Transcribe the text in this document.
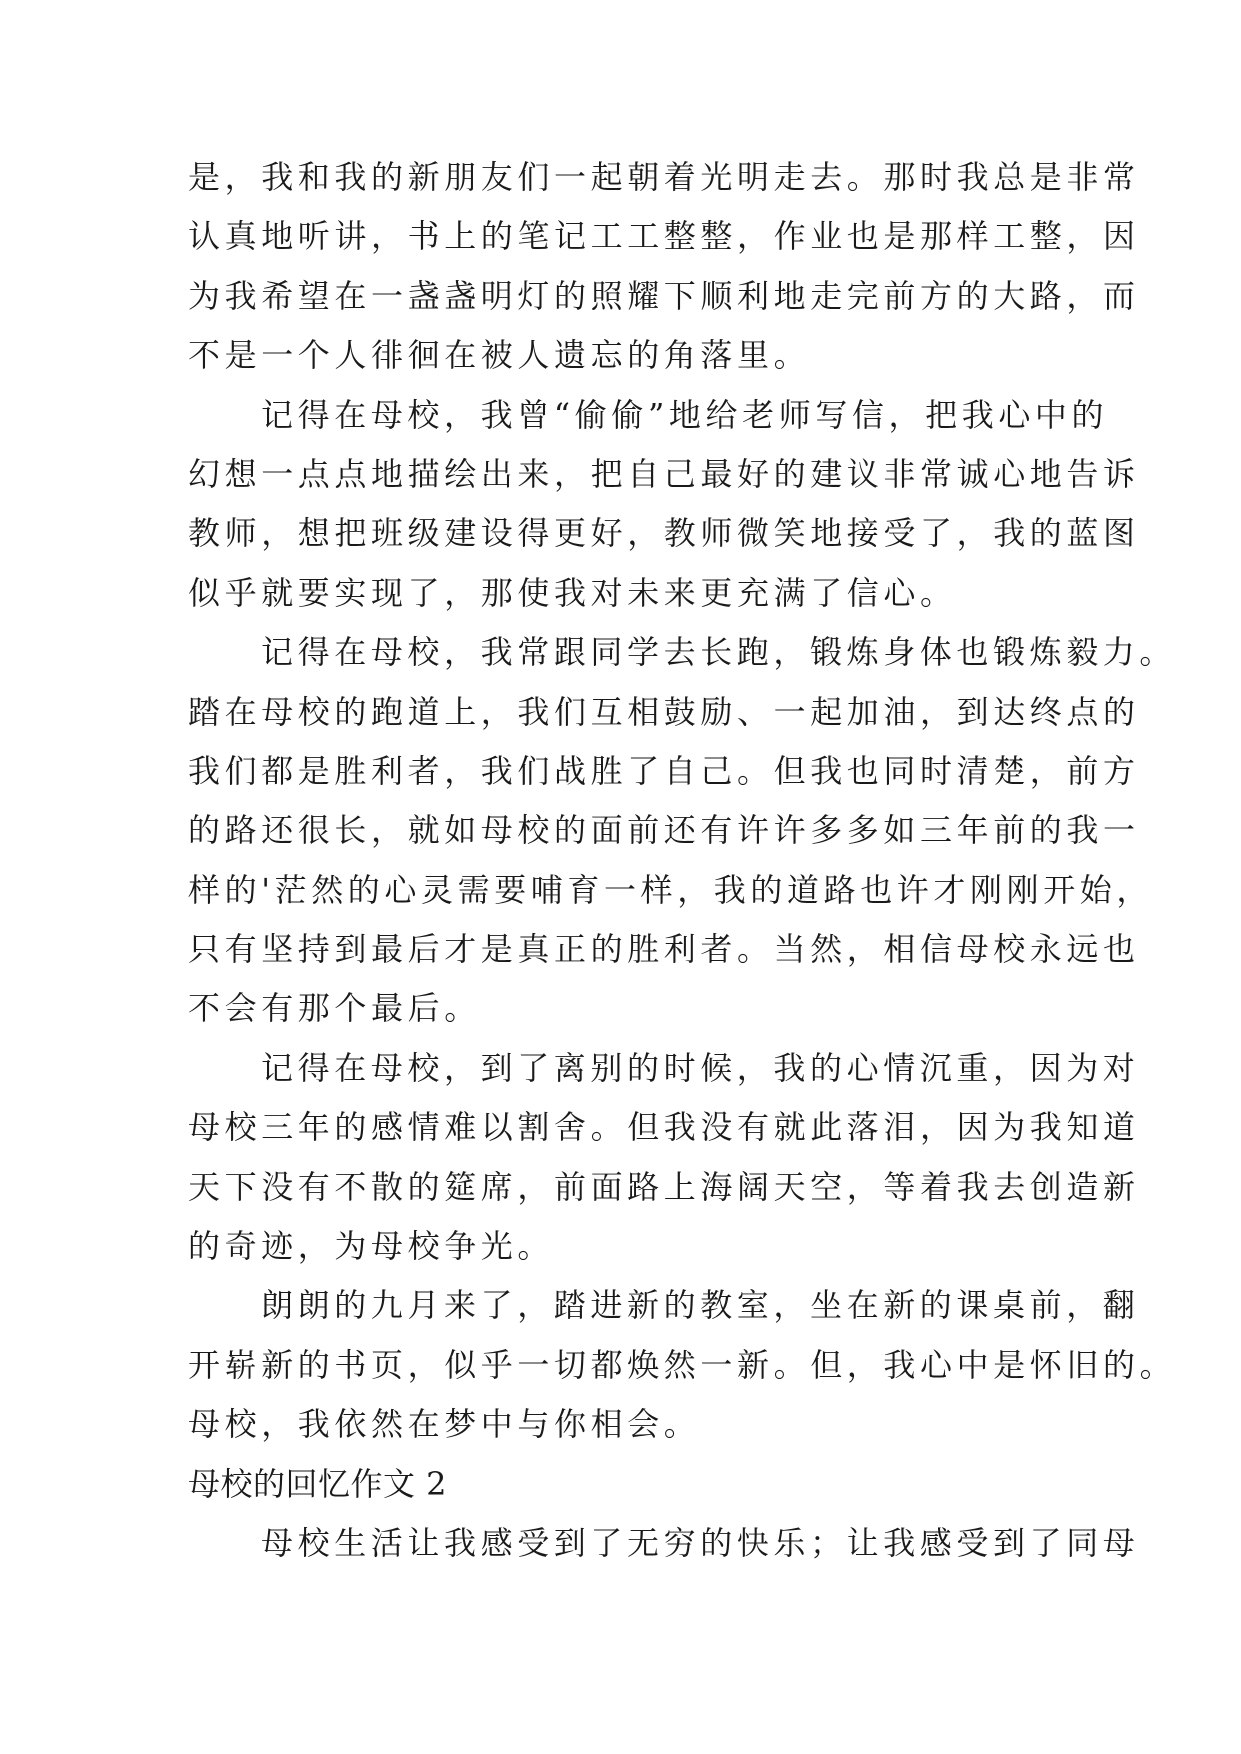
是，我和我的新朋友们一起朝着光明走去。那时我总是非常
认真地听讲，书上的笔记工工整整，作业也是那样工整，因
为我希望在一盏盏明灯的照耀下顺利地走完前方的大路，而
不是一个人徘徊在被人遗忘的角落里。
记得在母校，我曾“偷偷”地给老师写信，把我心中的
幻想一点点地描绘出来，把自己最好的建议非常诚心地告诉
教师，想把班级建设得更好，教师微笑地接受了，我的蓝图
似乎就要实现了，那使我对未来更充满了信心。
记得在母校，我常跟同学去长跑，锻炼身体也锻炼毅力。
踏在母校的跑道上，我们互相鼓励、一起加油，到达终点的
我们都是胜利者，我们战胜了自己。但我也同时清楚，前方
的路还很长，就如母校的面前还有许许多多如三年前的我一
样的'茫然的心灵需要哺育一样，我的道路也许才刚刚开始，
只有坚持到最后才是真正的胜利者。当然，相信母校永远也
不会有那个最后。
记得在母校，到了离别的时候，我的心情沉重，因为对
母校三年的感情难以割舍。但我没有就此落泪，因为我知道
天下没有不散的筵席，前面路上海阔天空，等着我去创造新
的奇迹，为母校争光。
朗朗的九月来了，踏进新的教室，坐在新的课桌前，翻
开崭新的书页，似乎一切都焕然一新。但，我心中是怀旧的。
母校，我依然在梦中与你相会。
母校的回忆作文 2
母校生活让我感受到了无穷的快乐；让我感受到了同母
